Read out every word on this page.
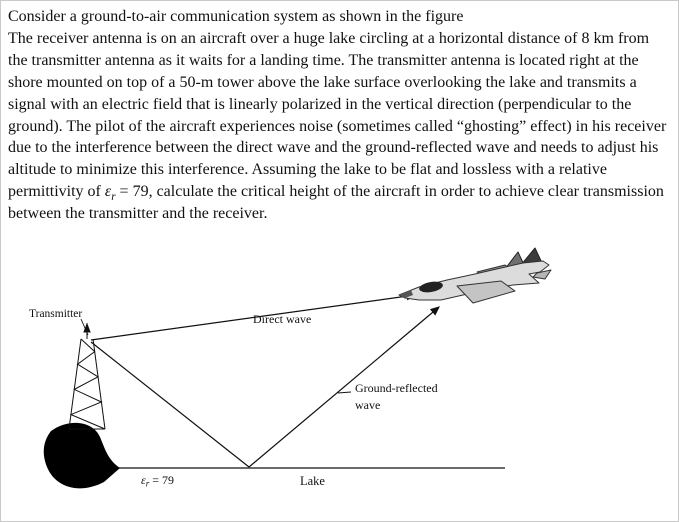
Consider a ground-to-air communication system as shown in the figure

The receiver antenna is on an aircraft over a huge lake circling at a horizontal distance of 8 km from the transmitter antenna as it waits for a landing time. The transmitter antenna is located right at the shore mounted on top of a 50-m tower above the lake surface overlooking the lake and transmits a signal with an electric field that is linearly polarized in the vertical direction (perpendicular to the ground). The pilot of the aircraft experiences noise (sometimes called “ghosting” effect) in his receiver due to the interference between the direct wave and the ground-reflected wave and needs to adjust his altitude to minimize this interference. Assuming the lake to be flat and lossless with a relative permittivity of $\varepsilon_r = 79$, calculate the critical height of the aircraft in order to achieve clear transmission between the transmitter and the receiver.

Transmitter	Direct wave
Ground-reflected
wave
$\varepsilon_r = 79$	Lake
